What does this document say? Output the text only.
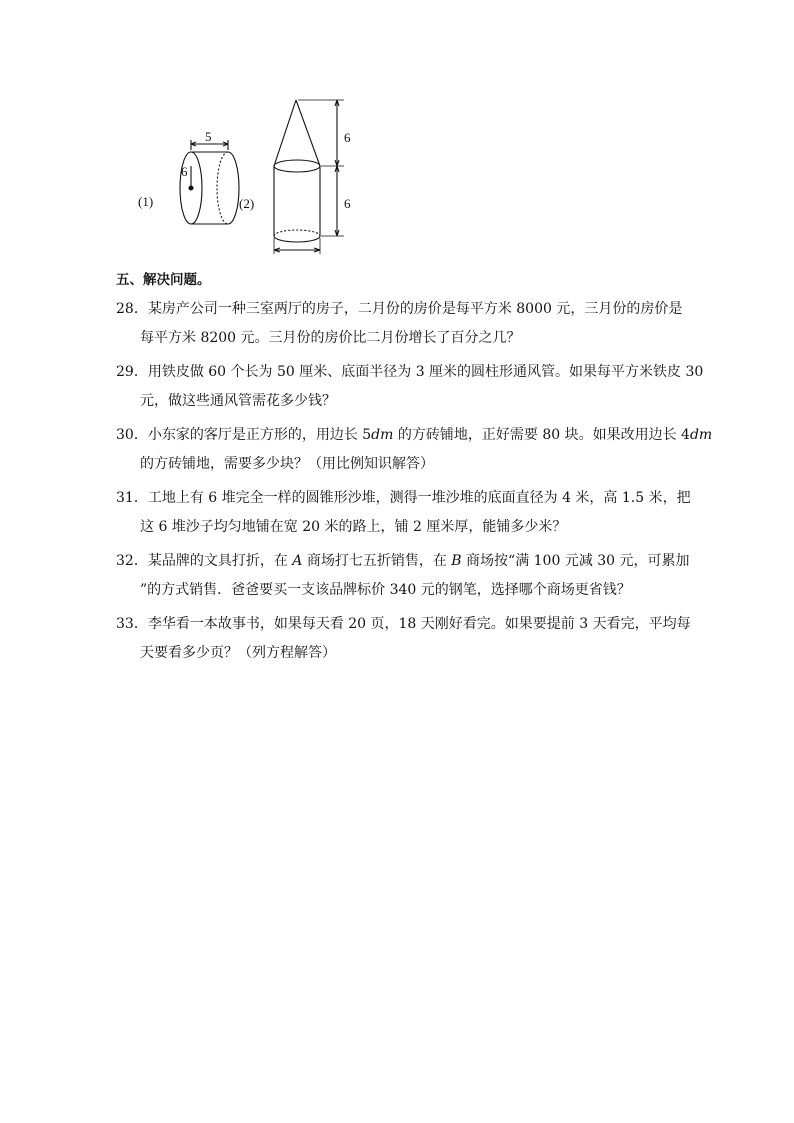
(1)
5
6
(2)
6
6
五、解决问题。
28．某房产公司一种三室两厅的房子，二月份的房价是每平方米 8000 元，三月份的房价是
每平方米 8200 元。三月份的房价比二月份增长了百分之几？
29．用铁皮做 60 个长为 50 厘米、底面半径为 3 厘米的圆柱形通风管。如果每平方米铁皮 30
元，做这些通风管需花多少钱？
30．小东家的客厅是正方形的，用边长 5dm 的方砖铺地，正好需要 80 块。如果改用边长 4dm
的方砖铺地，需要多少块？（用比例知识解答）
31．工地上有 6 堆完全一样的圆锥形沙堆，测得一堆沙堆的底面直径为 4 米，高 1.5 米，把
这 6 堆沙子均匀地铺在宽 20 米的路上，铺 2 厘米厚，能铺多少米？
32．某品牌的文具打折，在 A 商场打七五折销售，在 B 商场按“满 100 元减 30 元，可累加
”的方式销售．爸爸要买一支该品牌标价 340 元的钢笔，选择哪个商场更省钱？
33．李华看一本故事书，如果每天看 20 页，18 天刚好看完。如果要提前 3 天看完，平均每
天要看多少页？（列方程解答）
